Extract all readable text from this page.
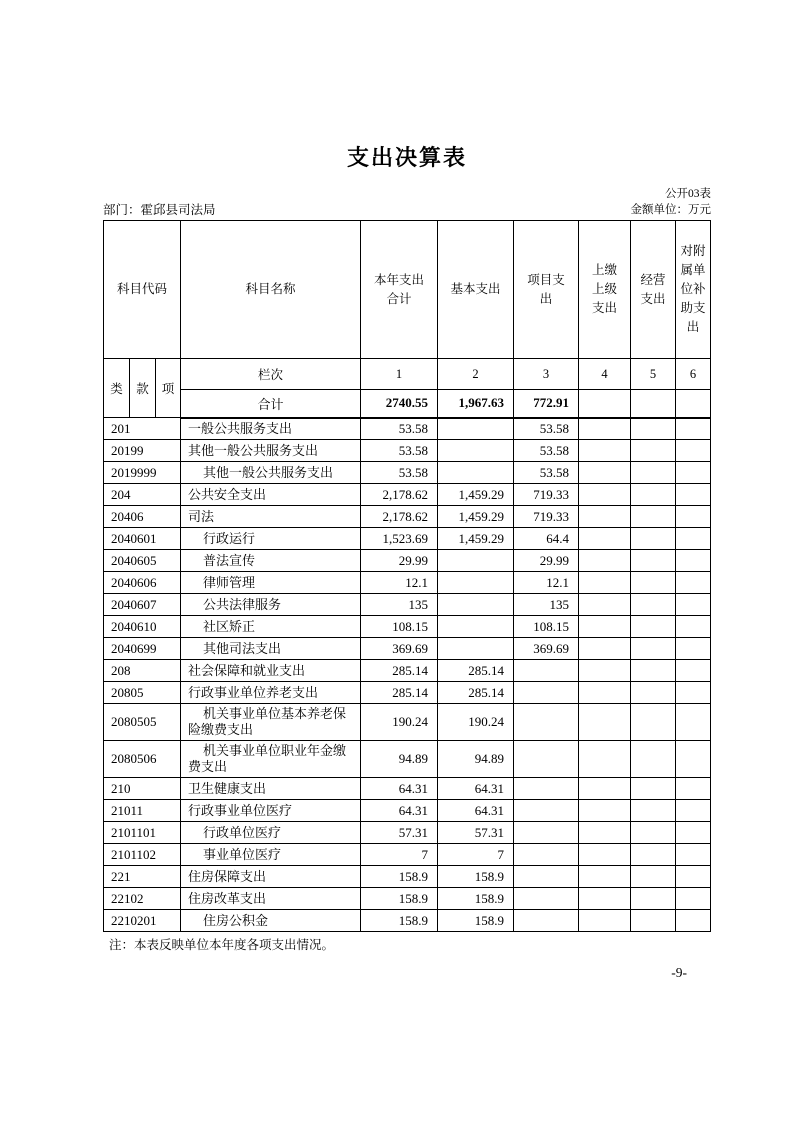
支出决算表
公开03表
部门：霍邱县司法局	金额单位：万元
科目代码			科目名称	本年支出合计	基本支出	项目支出	上缴上级支出	经营支出	对附属单位补助支出
类	款	项	栏次	1	2	3	4	5	6
			合计	2740.55	1,967.63	772.91			
201			一般公共服务支出	53.58		53.58			
20199			其他一般公共服务支出	53.58		53.58			
2019999			其他一般公共服务支出	53.58		53.58			
204			公共安全支出	2,178.62	1,459.29	719.33			
20406			司法	2,178.62	1,459.29	719.33			
2040601			行政运行	1,523.69	1,459.29	64.4			
2040605			普法宣传	29.99		29.99			
2040606			律师管理	12.1		12.1			
2040607			公共法律服务	135		135			
2040610			社区矫正	108.15		108.15			
2040699			其他司法支出	369.69		369.69			
208			社会保障和就业支出	285.14	285.14				
20805			行政事业单位养老支出	285.14	285.14				
2080505			机关事业单位基本养老保险缴费支出	190.24	190.24				
2080506			机关事业单位职业年金缴费支出	94.89	94.89				
210			卫生健康支出	64.31	64.31				
21011			行政事业单位医疗	64.31	64.31				
2101101			行政单位医疗	57.31	57.31				
2101102			事业单位医疗	7	7				
221			住房保障支出	158.9	158.9				
22102			住房改革支出	158.9	158.9				
2210201			住房公积金	158.9	158.9				
注：本表反映单位本年度各项支出情况。
-9-
